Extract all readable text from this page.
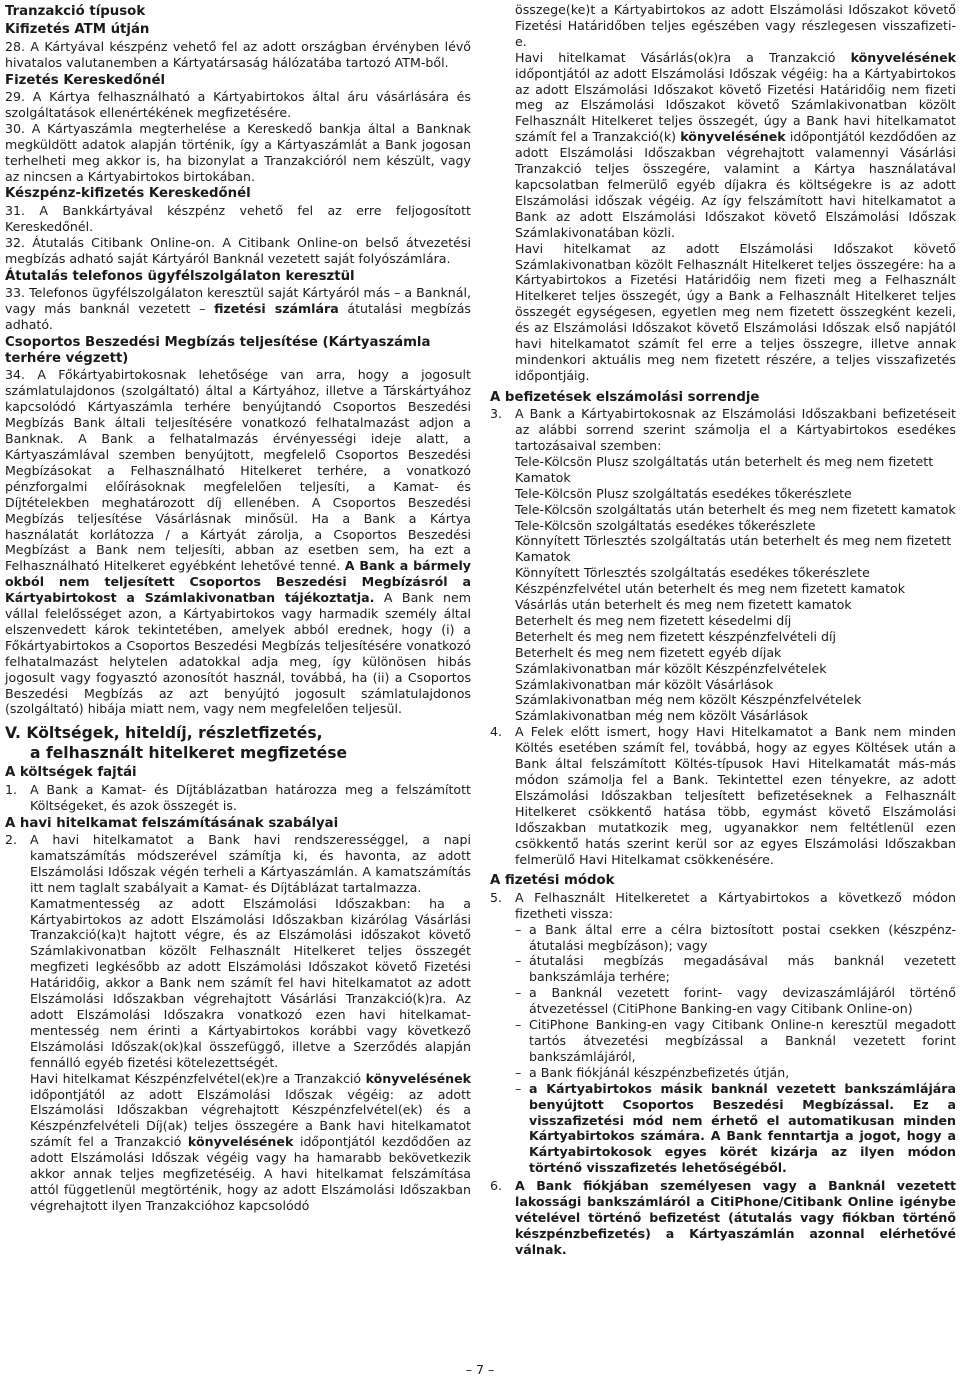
Tranzakció típusok
Kifizetés ATM útján

28. A Kártyával készpénz vehető fel az adott országban érvényben lévő hivatalos valutanemben a Kártyatársaság hálózatába tartozó ATM-ből.

Fizetés Kereskedőnél

29. A Kártya felhasználható a Kártyabirtokos által áru vásárlására és szolgáltatások ellenértékének megfizetésére.

30. A Kártyaszámla megterhelése a Kereskedő bankja által a Banknak megküldött adatok alapján történik, így a Kártyaszámlát a Bank jogosan terhelheti meg akkor is, ha bizonylat a Tranzakcióról nem készült, vagy az nincsen a Kártyabirtokos birtokában.

Készpénz-kifizetés Kereskedőnél

31. A Bankkártyával készpénz vehető fel az erre feljogosított Kereskedőnél.

32. Átutalás Citibank Online-on. A Citibank Online-on belső átvezetési megbízás adható saját Kártyáról Banknál vezetett saját folyószámlára.

Átutalás telefonos ügyfélszolgálaton keresztül

33. Telefonos ügyfélszolgálaton keresztül saját Kártyáról más – a Banknál, vagy más banknál vezetett – fizetési számlára átutalási megbízás adható.

Csoportos Beszedési Megbízás teljesítése (Kártyaszámla terhére végzett)

34. A Főkártyabirtokosnak lehetősége van arra, hogy a jogosult számlatulajdonos (szolgáltató) által a Kártyához, illetve a Társkártyához kapcsolódó Kártyaszámla terhére benyújtandó Csoportos Beszedési Megbízás Bank általi teljesítésére vonatkozó felhatalmazást adjon a Banknak. A Bank a felhatalmazás érvényességi ideje alatt, a Kártyaszámlával szemben benyújtott, megfelelő Csoportos Beszedési Megbízásokat a Felhasználható Hitelkeret terhére, a vonatkozó pénzforgalmi előírásoknak megfelelően teljesíti, a Kamat- és Díjtételekben meghatározott díj ellenében. A Csoportos Beszedési Megbízás teljesítése Vásárlásnak minősül. Ha a Bank a Kártya használatát korlátozza / a Kártyát zárolja, a Csoportos Beszedési Megbízást a Bank nem teljesíti, abban az esetben sem, ha ezt a Felhasználható Hitelkeret egyébként lehetővé tenné. A Bank a bármely okból nem teljesített Csoportos Beszedési Megbízásról a Kártyabirtokost a Számlakivonatban tájékoztatja. A Bank nem vállal felelősséget azon, a Kártyabirtokos vagy harmadik személy által elszenvedett károk tekintetében, amelyek abból erednek, hogy (i) a Főkártyabirtokos a Csoportos Beszedési Megbízás teljesítésére vonatkozó felhatalmazást helytelen adatokkal adja meg, így különösen hibás jogosult vagy fogyasztó azonosítót használ, továbbá, ha (ii) a Csoportos Beszedési Megbízás az azt benyújtó jogosult számlatulajdonos (szolgáltató) hibája miatt nem, vagy nem megfelelően teljesül.

V. Költségek, hiteldíj, részletfizetés,
a felhasznált hitelkeret megfizetése
A költségek fajtái
1.	A Bank a Kamat- és Díjtáblázatban határozza meg a felszámított Költségeket, és azok összegét is.
A havi hitelkamat felszámításának szabályai
2.	A havi hitelkamatot a Bank havi rendszerességgel, a napi kamatszámítás módszerével számítja ki, és havonta, az adott Elszámolási Időszak végén terheli a Kártyaszámlán. A kamatszámítás itt nem taglalt szabályait a Kamat- és Díjtáblázat tartalmazza.

Kamatmentesség az adott Elszámolási Időszakban: ha a Kártyabirtokos az adott Elszámolási Időszakban kizárólag Vásárlási Tranzakció(ka)t hajtott végre, és az Elszámolási időszakot követő Számlakivonatban közölt Felhasznált Hitelkeret teljes összegét megfizeti legkésőbb az adott Elszámolási Időszakot követő Fizetési Határidőig, akkor a Bank nem számít fel havi hitelkamatot az adott Elszámolási Időszakban végrehajtott Vásárlási Tranzakció(k)ra. Az adott Elszámolási Időszakra vonatkozó ezen havi hitelkamat-mentesség nem érinti a Kártyabirtokos korábbi vagy következő Elszámolási Időszak(ok)kal összefüggő, illetve a Szerződés alapján fennálló egyéb fizetési kötelezettségét.

Havi hitelkamat Készpénzfelvétel(ek)re a Tranzakció könyvelésének időpontjától az adott Elszámolási Időszak végéig: az adott Elszámolási Időszakban végrehajtott Készpénzfelvétel(ek) és a Készpénzfelvételi Díj(ak) teljes összegére a Bank havi hitelkamatot számít fel a Tranzakció könyvelésének időpontjától kezdődően az adott Elszámolási Időszak végéig vagy ha hamarabb bekövetkezik akkor annak teljes megfizetéséig. A havi hitelkamat felszámítása attól függetlenül megtörténik, hogy az adott Elszámolási Időszakban végrehajtott ilyen Tranzakcióhoz kapcsolódó

összege(ke)t a Kártyabirtokos az adott Elszámolási Időszakot követő Fizetési Határidőben teljes egészében vagy részlegesen visszafizeti-e.

Havi hitelkamat Vásárlás(ok)ra a Tranzakció könyvelésének időpontjától az adott Elszámolási Időszak végéig: ha a Kártyabirtokos az adott Elszámolási Időszakot követő Fizetési Határidőig nem fizeti meg az Elszámolási Időszakot követő Számlakivonatban közölt Felhasznált Hitelkeret teljes összegét, úgy a Bank havi hitelkamatot számít fel a Tranzakció(k) könyvelésének időpontjától kezdődően az adott Elszámolási Időszakban végrehajtott valamennyi Vásárlási Tranzakció teljes összegére, valamint a Kártya használatával kapcsolatban felmerülő egyéb díjakra és költségekre is az adott Elszámolási időszak végéig. Az így felszámított havi hitelkamatot a Bank az adott Elszámolási Időszakot követő Elszámolási Időszak Számlakivonatában közli.

Havi hitelkamat az adott Elszámolási Időszakot követő Számlakivonatban közölt Felhasznált Hitelkeret teljes összegére: ha a Kártyabirtokos a Fizetési Határidőig nem fizeti meg a Felhasznált Hitelkeret teljes összegét, úgy a Bank a Felhasznált Hitelkeret teljes összegét egységesen, egyetlen meg nem fizetett összegként kezeli, és az Elszámolási Időszakot követő Elszámolási Időszak első napjától havi hitelkamatot számít fel erre a teljes összegre, illetve annak mindenkori aktuális meg nem fizetett részére, a teljes visszafizetés időpontjáig.

A befizetések elszámolási sorrendje
3.	A Bank a Kártyabirtokosnak az Elszámolási Időszakbani befizetéseit az alábbi sorrend szerint számolja el a Kártyabirtokos esedékes tartozásaival szemben:
Tele-Kölcsön Plusz szolgáltatás után beterhelt és meg nem fizetett Kamatok
Tele-Kölcsön Plusz szolgáltatás esedékes tőkerészlete
Tele-Kölcsön szolgáltatás után beterhelt és meg nem fizetett kamatok
Tele-Kölcsön szolgáltatás esedékes tőkerészlete
Könnyített Törlesztés szolgáltatás után beterhelt és meg nem fizetett Kamatok
Könnyített Törlesztés szolgáltatás esedékes tőkerészlete
Készpénzfelvétel után beterhelt és meg nem fizetett kamatok
Vásárlás után beterhelt és meg nem fizetett kamatok
Beterhelt és meg nem fizetett késedelmi díj
Beterhelt és meg nem fizetett készpénzfelvételi díj
Beterhelt és meg nem fizetett egyéb díjak
Számlakivonatban már közölt Készpénzfelvételek
Számlakivonatban már közölt Vásárlások
Számlakivonatban még nem közölt Készpénzfelvételek
Számlakivonatban még nem közölt Vásárlások
4.	A Felek előtt ismert, hogy Havi Hitelkamatot a Bank nem minden Költés esetében számít fel, továbbá, hogy az egyes Költések után a Bank által felszámított Költés-típusok Havi Hitelkamatát más-más módon számolja fel a Bank. Tekintettel ezen tényekre, az adott Elszámolási Időszakban teljesített befizetéseknek a Felhasznált Hitelkeret csökkentő hatása több, egymást követő Elszámolási Időszakban mutatkozik meg, ugyanakkor nem feltétlenül ezen csökkentő hatás szerint kerül sor az egyes Elszámolási Időszakban felmerülő Havi Hitelkamat csökkenésére.
A fizetési módok
5.	A Felhasznált Hitelkeretet a Kártyabirtokos a következő módon fizetheti vissza:
– a Bank által erre a célra biztosított postai csekken (készpénz-átutalási megbízáson); vagy
– átutalási megbízás megadásával más banknál vezetett bankszámlája terhére;
– a Banknál vezetett forint- vagy devizaszámlájáról történő átvezetéssel (CitiPhone Banking-en vagy Citibank Online-on)
– CitiPhone Banking-en vagy Citibank Online-n keresztül megadott tartós átvezetési megbízással a Banknál vezetett forint bankszámlájáról,
– a Bank fiókjánál készpénzbefizetés útján,
– a Kártyabirtokos másik banknál vezetett bankszámlájára benyújtott Csoportos Beszedési Megbízással. Ez a visszafizetési mód nem érhető el automatikusan minden Kártyabirtokos számára. A Bank fenntartja a jogot, hogy a Kártyabirtokosok egyes körét kizárja az ilyen módon történő visszafizetés lehetőségéből.
6.	A Bank fiókjában személyesen vagy a Banknál vezetett lakossági bankszámláról a CitiPhone/Citibank Online igénybe vételével történő befizetést (átutalás vagy fiókban történő készpénzbefizetés) a Kártyaszámlán azonnal elérhetővé válnak.
– 7 –
